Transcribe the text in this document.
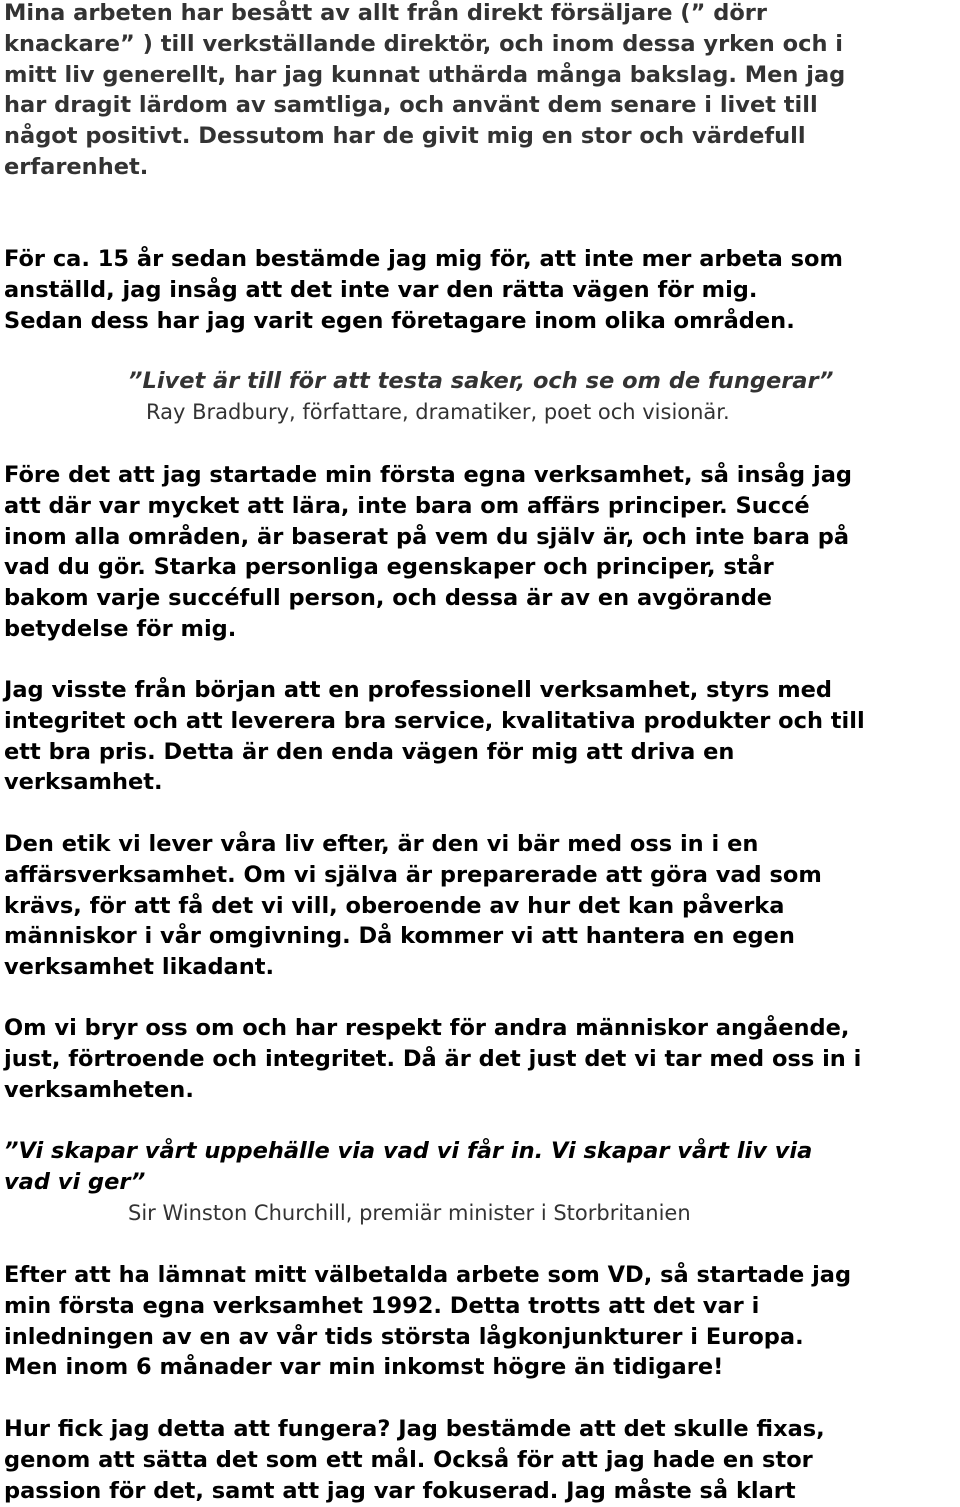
Mina arbeten har besått av allt från direkt försäljare (” dörr
knackare” ) till verkställande direktör, och inom dessa yrken och i
mitt liv generellt, har jag kunnat uthärda många bakslag. Men jag
har dragit lärdom av samtliga, och använt dem senare i livet till
något positivt. Dessutom har de givit mig en stor och värdefull
erfarenhet.
För ca. 15 år sedan bestämde jag mig för, att inte mer arbeta som
anställd, jag insåg att det inte var den rätta vägen för mig.
Sedan dess har jag varit egen företagare inom olika områden.
”Livet är till för att testa saker, och se om de fungerar”
Ray Bradbury, författare, dramatiker, poet och visionär.
Före det att jag startade min första egna verksamhet, så insåg jag
att där var mycket att lära, inte bara om affärs principer. Succé
inom alla områden, är baserat på vem du själv är, och inte bara på
vad du gör. Starka personliga egenskaper och principer, står
bakom varje succéfull person, och dessa är av en avgörande
betydelse för mig.
Jag visste från början att en professionell verksamhet, styrs med
integritet och att leverera bra service, kvalitativa produkter och till
ett bra pris. Detta är den enda vägen för mig att driva en
verksamhet.
Den etik vi lever våra liv efter, är den vi bär med oss in i en
affärsverksamhet. Om vi själva är preparerade att göra vad som
krävs, för att få det vi vill, oberoende av hur det kan påverka
människor i vår omgivning. Då kommer vi att hantera en egen
verksamhet likadant.
Om vi bryr oss om och har respekt för andra människor angående,
just, förtroende och integritet. Då är det just det vi tar med oss in i
verksamheten.
”Vi skapar vårt uppehälle via vad vi får in. Vi skapar vårt liv via
vad vi ger”
Sir Winston Churchill, premiär minister i Storbritanien
Efter att ha lämnat mitt välbetalda arbete som VD, så startade jag
min första egna verksamhet 1992. Detta trotts att det var i
inledningen av en av vår tids största lågkonjunkturer i Europa.
Men inom 6 månader var min inkomst högre än tidigare!
Hur fick jag detta att fungera? Jag bestämde att det skulle fixas,
genom att sätta det som ett mål. Också för att jag hade en stor
passion för det, samt att jag var fokuserad. Jag måste så klart
